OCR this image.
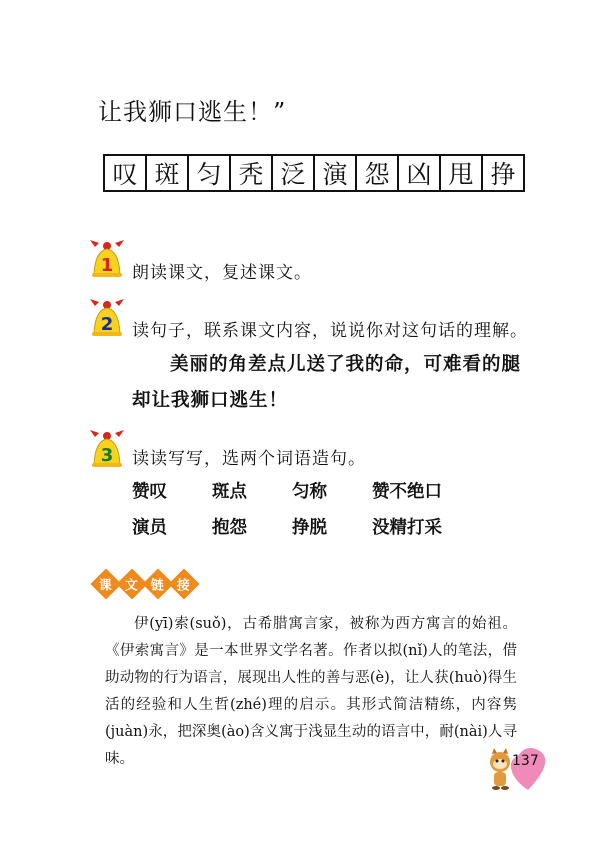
让我狮口逃生！”
叹 斑 匀 秃 泛 演 怨 凶 甩 挣
1 朗读课文，复述课文。
2 读句子，联系课文内容，说说你对这句话的理解。
美丽的角差点儿送了我的命，可难看的腿
却让我狮口逃生！
3 读读写写，选两个词语造句。
赞叹	斑点	匀称	赞不绝口
演员	抱怨	挣脱	没精打采
课 文 链 接

伊(yī)索(suǒ)，古希腊寓言家，被称为西方寓言的始祖。《伊索寓言》是一本世界文学名著。作者以拟(nǐ)人的笔法，借助动物的行为语言，展现出人性的善与恶(è)，让人获(huò)得生活的经验和人生哲(zhé)理的启示。其形式简洁精练，内容隽(juàn)永，把深奥(ào)含义寓于浅显生动的语言中，耐(nài)人寻味。	137
